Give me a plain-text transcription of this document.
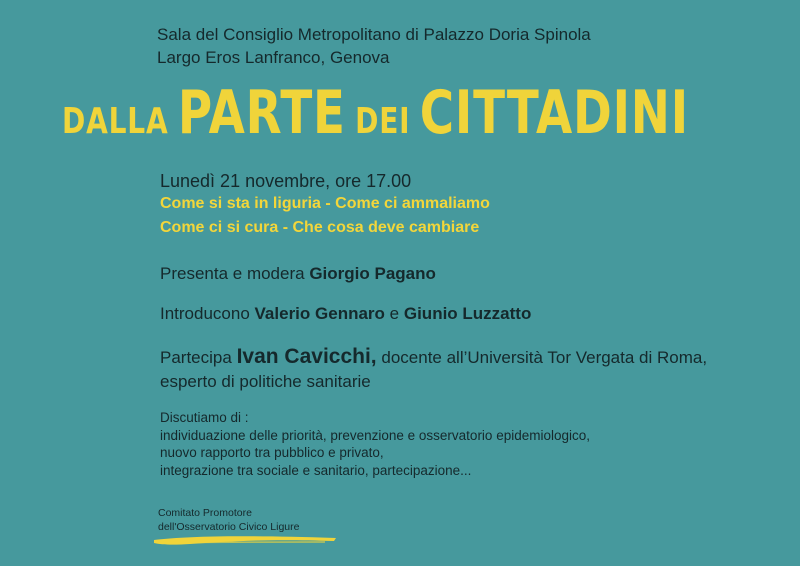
Sala del Consiglio Metropolitano di Palazzo Doria Spinola
Largo Eros Lanfranco, Genova
DALLA PARTE DEI CITTADINI
Lunedì 21 novembre, ore 17.00
Come si sta in liguria - Come ci ammaliamo
Come ci si cura - Che cosa deve cambiare
Presenta e modera Giorgio Pagano
Introducono Valerio Gennaro e Giunio Luzzatto
Partecipa Ivan Cavicchi, docente all’Università Tor Vergata di Roma, esperto di politiche sanitarie
Discutiamo di :
individuazione delle priorità, prevenzione e osservatorio epidemiologico,
nuovo rapporto tra pubblico e privato,
integrazione tra sociale e sanitario, partecipazione...
Comitato Promotore
dell'Osservatorio Civico Ligure
